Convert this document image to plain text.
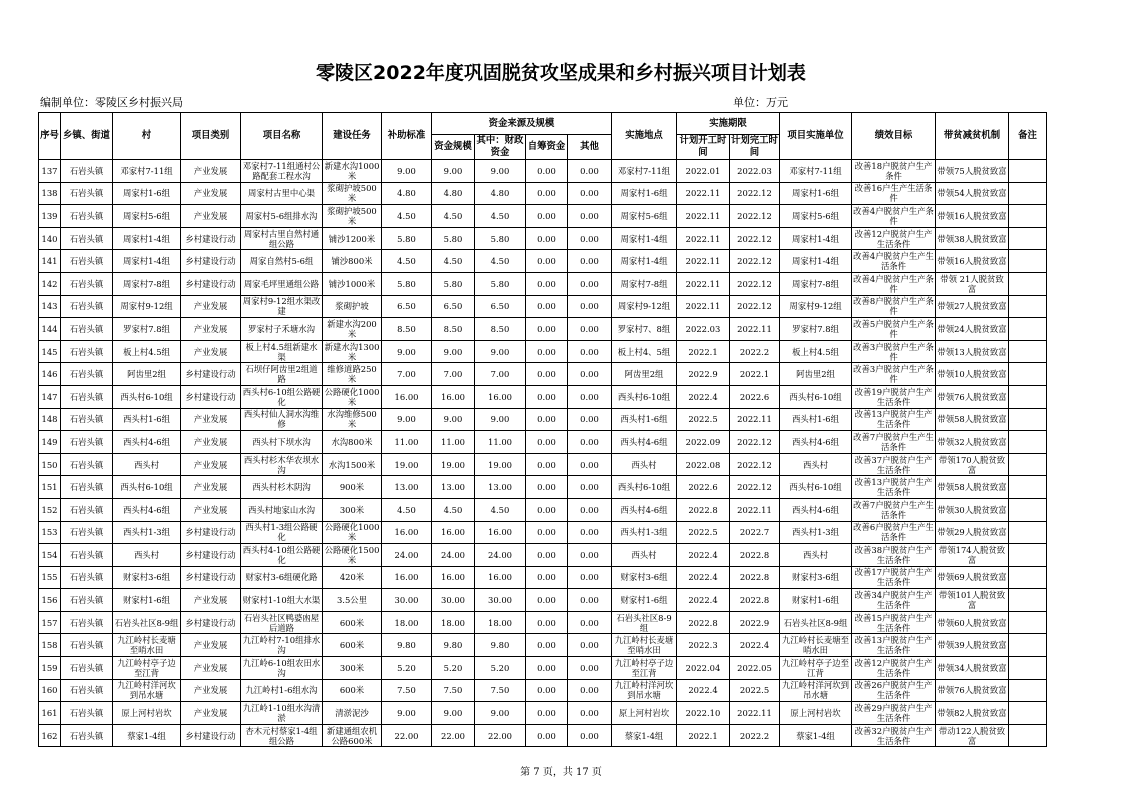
零陵区2022年度巩固脱贫攻坚成果和乡村振兴项目计划表
编制单位：零陵区乡村振兴局	单位：万元
序号	乡镇、街道	村	项目类别	项目名称	建设任务	补助标准	资金来源及规模				实施地点	实施期限		项目实施单位	绩效目标	带贫减贫机制	备注
							资金规模	其中：财政资金	自筹资金	其他		计划开工时间	计划完工时间				
137	石岩头镇	邓家村7-11组	产业发展	邓家村7-11组通村公路配套工程水沟	新建水沟1000米	9.00	9.00	9.00	0.00	0.00	邓家村7-11组	2022.01	2022.03	邓家村7-11组	改善18户脱贫户生产条件	带领75人脱贫致富	
138	石岩头镇	周家村1-6组	产业发展	周家村古里中心渠	浆砌护坡500米	4.80	4.80	4.80	0.00	0.00	周家村1-6组	2022.11	2022.12	周家村1-6组	改善16户生产生活条件	带领54人脱贫致富	
139	石岩头镇	周家村5-6组	产业发展	周家村5-6组排水沟	浆砌护坡500米	4.50	4.50	4.50	0.00	0.00	周家村5-6组	2022.11	2022.12	周家村5-6组	改善4户脱贫户生产条件	带领16人脱贫致富	
140	石岩头镇	周家村1-4组	乡村建设行动	周家村古里自然村通组公路	铺沙1200米	5.80	5.80	5.80	0.00	0.00	周家村1-4组	2022.11	2022.12	周家村1-4组	改善12户脱贫户生产生活条件	带领38人脱贫致富	
141	石岩头镇	周家村1-4组	乡村建设行动	周家自然村5-6组	铺沙800米	4.50	4.50	4.50	0.00	0.00	周家村1-4组	2022.11	2022.12	周家村1-4组	改善4户脱贫户生产生活条件	带领16人脱贫致富	
142	石岩头镇	周家村7-8组	乡村建设行动	周家毛坪里通组公路	铺沙1000米	5.80	5.80	5.80	0.00	0.00	周家村7-8组	2022.11	2022.12	周家村7-8组	改善4户脱贫户生产条件	带领 21人脱贫致富	
143	石岩头镇	周家村9-12组	产业发展	周家村9-12组水渠改建	浆砌护坡	6.50	6.50	6.50	0.00	0.00	周家村9-12组	2022.11	2022.12	周家村9-12组	改善8户脱贫户生产条件	带领27人脱贫致富	
144	石岩头镇	罗家村7.8组	产业发展	罗家村子禾塘水沟	新建水沟200米	8.50	8.50	8.50	0.00	0.00	罗家村7、8组	2022.03	2022.11	罗家村7.8组	改善5户脱贫户生产条件	带领24人脱贫致富	
145	石岩头镇	板上村4.5组	产业发展	板上村4.5组新建水渠	新建水沟1300米	9.00	9.00	9.00	0.00	0.00	板上村4、5组	2022.1	2022.2	板上村4.5组	改善3户脱贫户生产条件	带领13人脱贫致富	
146	石岩头镇	阿齿里2组	乡村建设行动	石坝仔阿齿里2组道路	维修道路250米	7.00	7.00	7.00	0.00	0.00	阿齿里2组	2022.9	2022.1	阿齿里2组	改善3户脱贫户生产条件	带领10人脱贫致富	
147	石岩头镇	西头村6-10组	乡村建设行动	西头村6-10组公路硬化	公路硬化1000米	16.00	16.00	16.00	0.00	0.00	西头村6-10组	2022.4	2022.6	西头村6-10组	改善19户脱贫户生产生活条件	带领76人脱贫致富	
148	石岩头镇	西头村1-6组	产业发展	西头村仙人洞水沟维修	水沟维修500米	9.00	9.00	9.00	0.00	0.00	西头村1-6组	2022.5	2022.11	西头村1-6组	改善13户脱贫户生产生活条件	带领58人脱贫致富	
149	石岩头镇	西头村4-6组	产业发展	西头村下坝水沟	水沟800米	11.00	11.00	11.00	0.00	0.00	西头村4-6组	2022.09	2022.12	西头村4-6组	改善7户脱贫户生产生活条件	带领32人脱贫致富	
150	石岩头镇	西头村	产业发展	西头村杉木华农坝水沟	水沟1500米	19.00	19.00	19.00	0.00	0.00	西头村	2022.08	2022.12	西头村	改善37户脱贫户生产生活条件	带领170人脱贫致富	
151	石岩头镇	西头村6-10组	产业发展	西头村杉木阴沟	900米	13.00	13.00	13.00	0.00	0.00	西头村6-10组	2022.6	2022.12	西头村6-10组	改善13户脱贫户生产生活条件	带领58人脱贫致富	
152	石岩头镇	西头村4-6组	产业发展	西头村地家山水沟	300米	4.50	4.50	4.50	0.00	0.00	西头村4-6组	2022.8	2022.11	西头村4-6组	改善7户脱贫户生产生活条件	带领30人脱贫致富	
153	石岩头镇	西头村1-3组	乡村建设行动	西头村1-3组公路硬化	公路硬化1000米	16.00	16.00	16.00	0.00	0.00	西头村1-3组	2022.5	2022.7	西头村1-3组	改善6户脱贫户生产生活条件	带领29人脱贫致富	
154	石岩头镇	西头村	乡村建设行动	西头村4-10组公路硬化	公路硬化1500米	24.00	24.00	24.00	0.00	0.00	西头村	2022.4	2022.8	西头村	改善38户脱贫户生产生活条件	带领174人脱贫致富	
155	石岩头镇	财家村3-6组	乡村建设行动	财家村3-6组硬化路	420米	16.00	16.00	16.00	0.00	0.00	财家村3-6组	2022.4	2022.8	财家村3-6组	改善17户脱贫户生产生活条件	带领69人脱贫致富	
156	石岩头镇	财家村1-6组	产业发展	财家村1-10组大水渠	3.5公里	30.00	30.00	30.00	0.00	0.00	财家村1-6组	2022.4	2022.8	财家村1-6组	改善34户脱贫户生产生活条件	带领101人脱贫致富	
157	石岩头镇	石岩头社区8-9组	乡村建设行动	石岩头社区鸭婆凼屋后道路	600米	18.00	18.00	18.00	0.00	0.00	石岩头社区8-9组	2022.8	2022.9	石岩头社区8-9组	改善15户脱贫户生产生活条件	带领60人脱贫致富	
158	石岩头镇	九江岭村长麦塘至哨水田	产业发展	九江岭村7-10组排水沟	600米	9.80	9.80	9.80	0.00	0.00	九江岭村长麦塘至哨水田	2022.3	2022.4	九江岭村长麦塘至哨水田	改善13户脱贫户生产生活条件	带领39人脱贫致富	
159	石岩头镇	九江岭村亭子边至江背	产业发展	九江岭6-10组农田水沟	300米	5.20	5.20	5.20	0.00	0.00	九江岭村亭子边至江背	2022.04	2022.05	九江岭村亭子边至江背	改善12户脱贫户生产生活条件	带领34人脱贫致富	
160	石岩头镇	九江岭村洋河坎到吊水塘	产业发展	九江岭村1-6组水沟	600米	7.50	7.50	7.50	0.00	0.00	九江岭村洋河坎到吊水塘	2022.4	2022.5	九江岭村洋河坎到吊水塘	改善26户脱贫户生产生活条件	带领76人脱贫致富	
161	石岩头镇	原上河村岩坎	产业发展	九江岭1-10组水沟清淤	清淤泥沙	9.00	9.00	9.00	0.00	0.00	原上河村岩坎	2022.10	2022.11	原上河村岩坎	改善29户脱贫户生产生活条件	带领82人脱贫致富	
162	石岩头镇	蔡家1-4组	乡村建设行动	杏木元村蔡家1-4组组公路	新建通组农机公路600米	22.00	22.00	22.00	0.00	0.00	蔡家1-4组	2022.1	2022.2	蔡家1-4组	改善32户脱贫户生产生活条件	带动122人脱贫致富	
第 7 页，共 17 页
